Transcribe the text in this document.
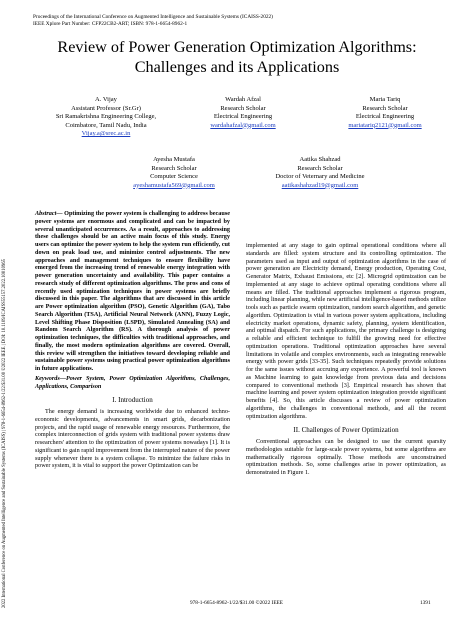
Proceedings of the International Conference on Augmented Intelligence and Sustainable Systems (ICAISS-2022)
IEEE Xplore Part Number: CFP22CB2-ART; ISBN: 978-1-6654-8962-1
Review of Power Generation Optimization Algorithms: Challenges and its Applications
A. Vijay
Assistant Professor (Sr.Gr)
Sri Ramakrishna Engineering College,
Coimbatore, Tamil Nadu, India
Vijay.a@srec.ac.in
Wardah Afzal
Research Scholar
Electrical Engineering
wardahafzal@gmail.com
Maria Tariq
Research Scholar
Electrical Engineering
mariatariq2121@gmail.com
Ayesha Mustafa
Research Scholar
Computer Science
ayeshamustafa569@gmail.com
Aatika Shahzad
Research Scholar
Doctor of Veternary and Medicine
aatikashahzad19@gmail.com
2022 International Conference on Augmented Intelligence and Sustainable Systems (ICAISS) | 978-1-6654-8962-1/22/$31.00 ©2022 IEEE | DOI: 10.1109/ICAISS55157.2022.10010965
Abstract— Optimizing the power system is challenging to address because power systems are enormous and complicated and can be impacted by several unanticipated occurrences. As a result, approaches to addressing these challenges should be an active main focus of this study. Energy users can optimize the power system to help the system run efficiently, cut down on peak load use, and minimize control adjustments. The new approaches and management techniques to ensure flexibility have emerged from the increasing trend of renewable energy integration with power generation uncertainty and availability. This paper contains a research study of different optimization algorithms. The pros and cons of recently used optimization techniques in power systems are briefly discussed in this paper. The algorithms that are discussed in this article are Power optimization algorithm (PSO), Genetic Algorithm (GA), Tabo Search Algorithm (TSA), Artificial Neural Network (ANN), Fuzzy Logic, Level Shifting Phase Disposition (LSPD), Simulated Annealing (SA) and Random Search Algorithm (RS). A thorough analysis of power optimization techniques, the difficulties with traditional approaches, and finally, the most modern optimization algorithms are covered. Overall, this review will strengthen the initiatives toward developing reliable and sustainable power systems using practical power optimization algorithms in future applications.
Keywords—Power System, Power Optimization Algorithms, Challenges, Applications, Comparison
I. Introduction

The energy demand is increasing worldwide due to enhanced techno-economic developments, advancements in smart grids, decarbonization projects, and the rapid usage of renewable energy resources. Furthermore, the complex interconnection of grids system with traditional power systems draw researchers' attention to the optimization of power systems nowadays [1]. It is significant to gain rapid improvement from the interrupted nature of the power supply whenever there is a system collapse. To minimize the failure risks in power system, it is vital to support the power Optimization can be

implemented at any stage to gain optimal operational conditions where all standards are filled: system structure and its controlling optimization. The parameters used as input and output of optimization algorithms in the case of power generation are Electricity demand, Energy production, Operating Cost, Generator Matrix, Exhaust Emissions, etc [2]. Microgrid optimization can be implemented at any stage to achieve optimal operating conditions where all means are filled. The traditional approaches implement a rigorous program, including linear planning, while new artificial intelligence-based methods utilize tools such as particle swarm optimization, random search algorithm, and genetic algorithm. Optimization is vital in various power system applications, including electricity market operations, dynamic safety, planning, system identification, and optimal dispatch. For such applications, the primary challenge is designing a reliable and efficient technique to fulfill the growing need for effective optimization operations. Traditional optimization approaches have several limitations in volatile and complex environments, such as integrating renewable energy with power grids [33-35]. Such techniques repeatedly provide solutions for the same issues without accruing any experience. A powerful tool is known as Machine learning to gain knowledge from previous data and decisions compared to conventional methods [3]. Empirical research has shown that machine learning and power system optimization integration provide significant benefits [4]. So, this article discusses a review of power optimization algorithms, the challenges in conventional methods, and all the recent optimization algorithms.

II. Challenges of Power Optimization

Conventional approaches can be designed to use the current sparsity methodologies suitable for large-scale power systems, but some algorithms are mathematically rigorous optimally. Those methods are unconstrained optimization methods. So, some challenges arise in power optimization, as demonstrated in Figure 1.

978-1-6654-8962-1/22/$31.00 ©2022 IEEE	1391
